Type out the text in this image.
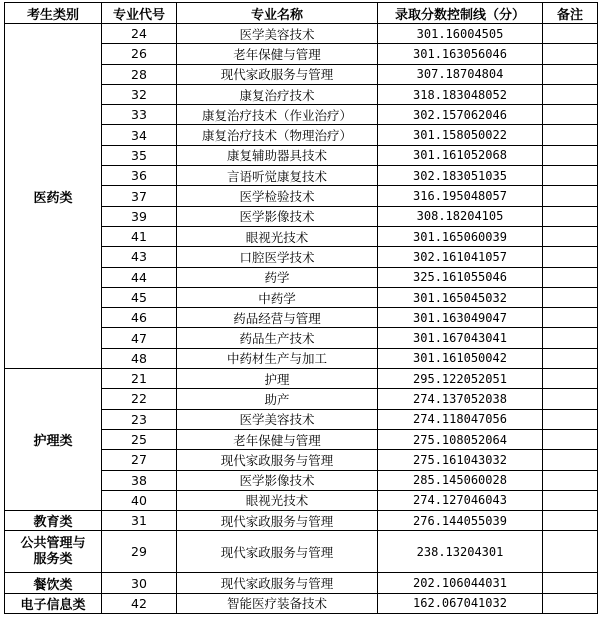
考生类别	专业代号	专业名称	录取分数控制线（分）	备注
医药类	24	医学美容技术	301.16004505	
	26	老年保健与管理	301.163056046	
	28	现代家政服务与管理	307.18704804	
	32	康复治疗技术	318.183048052	
	33	康复治疗技术（作业治疗）	302.157062046	
	34	康复治疗技术（物理治疗）	301.158050022	
	35	康复辅助器具技术	301.161052068	
	36	言语听觉康复技术	302.183051035	
	37	医学检验技术	316.195048057	
	39	医学影像技术	308.18204105	
	41	眼视光技术	301.165060039	
	43	口腔医学技术	302.161041057	
	44	药学	325.161055046	
	45	中药学	301.165045032	
	46	药品经营与管理	301.163049047	
	47	药品生产技术	301.167043041	
	48	中药材生产与加工	301.161050042	
护理类	21	护理	295.122052051	
	22	助产	274.137052038	
	23	医学美容技术	274.118047056	
	25	老年保健与管理	275.108052064	
	27	现代家政服务与管理	275.161043032	
	38	医学影像技术	285.145060028	
	40	眼视光技术	274.127046043	
教育类	31	现代家政服务与管理	276.144055039	

公共管理与
服务类	29	现代家政服务与管理	238.13204301	
餐饮类	30	现代家政服务与管理	202.106044031	
电子信息类	42	智能医疗装备技术	162.067041032	
